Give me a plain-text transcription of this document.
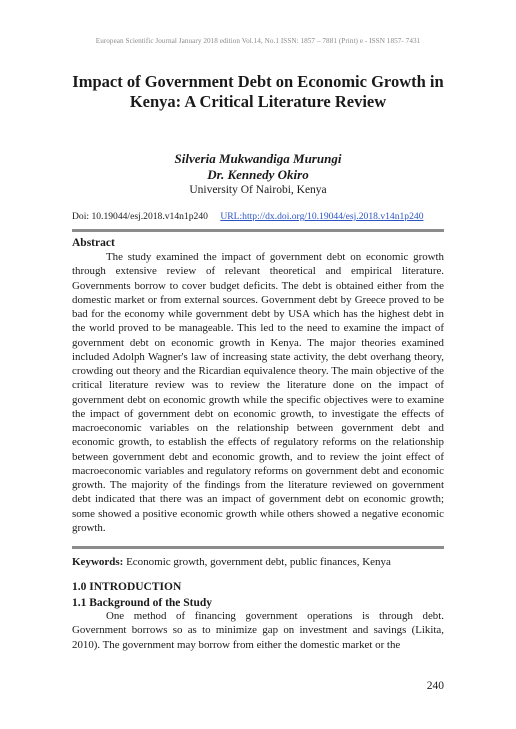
European Scientific Journal January 2018 edition Vol.14, No.1 ISSN: 1857 – 7881 (Print) e - ISSN 1857- 7431
Impact of Government Debt on Economic Growth in
Kenya: A Critical Literature Review
Silveria Mukwandiga Murungi
Dr. Kennedy Okiro
University Of Nairobi, Kenya
Doi: 10.19044/esj.2018.v14n1p240 URL:http://dx.doi.org/10.19044/esj.2018.v14n1p240
Abstract

The study examined the impact of government debt on economic growth through extensive review of relevant theoretical and empirical literature. Governments borrow to cover budget deficits. The debt is obtained either from the domestic market or from external sources. Government debt by Greece proved to be bad for the economy while government debt by USA which has the highest debt in the world proved to be manageable. This led to the need to examine the impact of government debt on economic growth in Kenya. The major theories examined included Adolph Wagner's law of increasing state activity, the debt overhang theory, crowding out theory and the Ricardian equivalence theory. The main objective of the critical literature review was to review the literature done on the impact of government debt on economic growth while the specific objectives were to examine the impact of government debt on economic growth, to investigate the effects of macroeconomic variables on the relationship between government debt and economic growth, to establish the effects of regulatory reforms on the relationship between government debt and economic growth, and to review the joint effect of macroeconomic variables and regulatory reforms on government debt and economic growth. The majority of the findings from the literature reviewed on government debt indicated that there was an impact of government debt on economic growth; some showed a positive economic growth while others showed a negative economic growth.

Keywords: Economic growth, government debt, public finances, Kenya
1.0 INTRODUCTION
1.1 Background of the Study

One method of financing government operations is through debt. Government borrows so as to minimize gap on investment and savings (Likita, 2010). The government may borrow from either the domestic market or the

240
